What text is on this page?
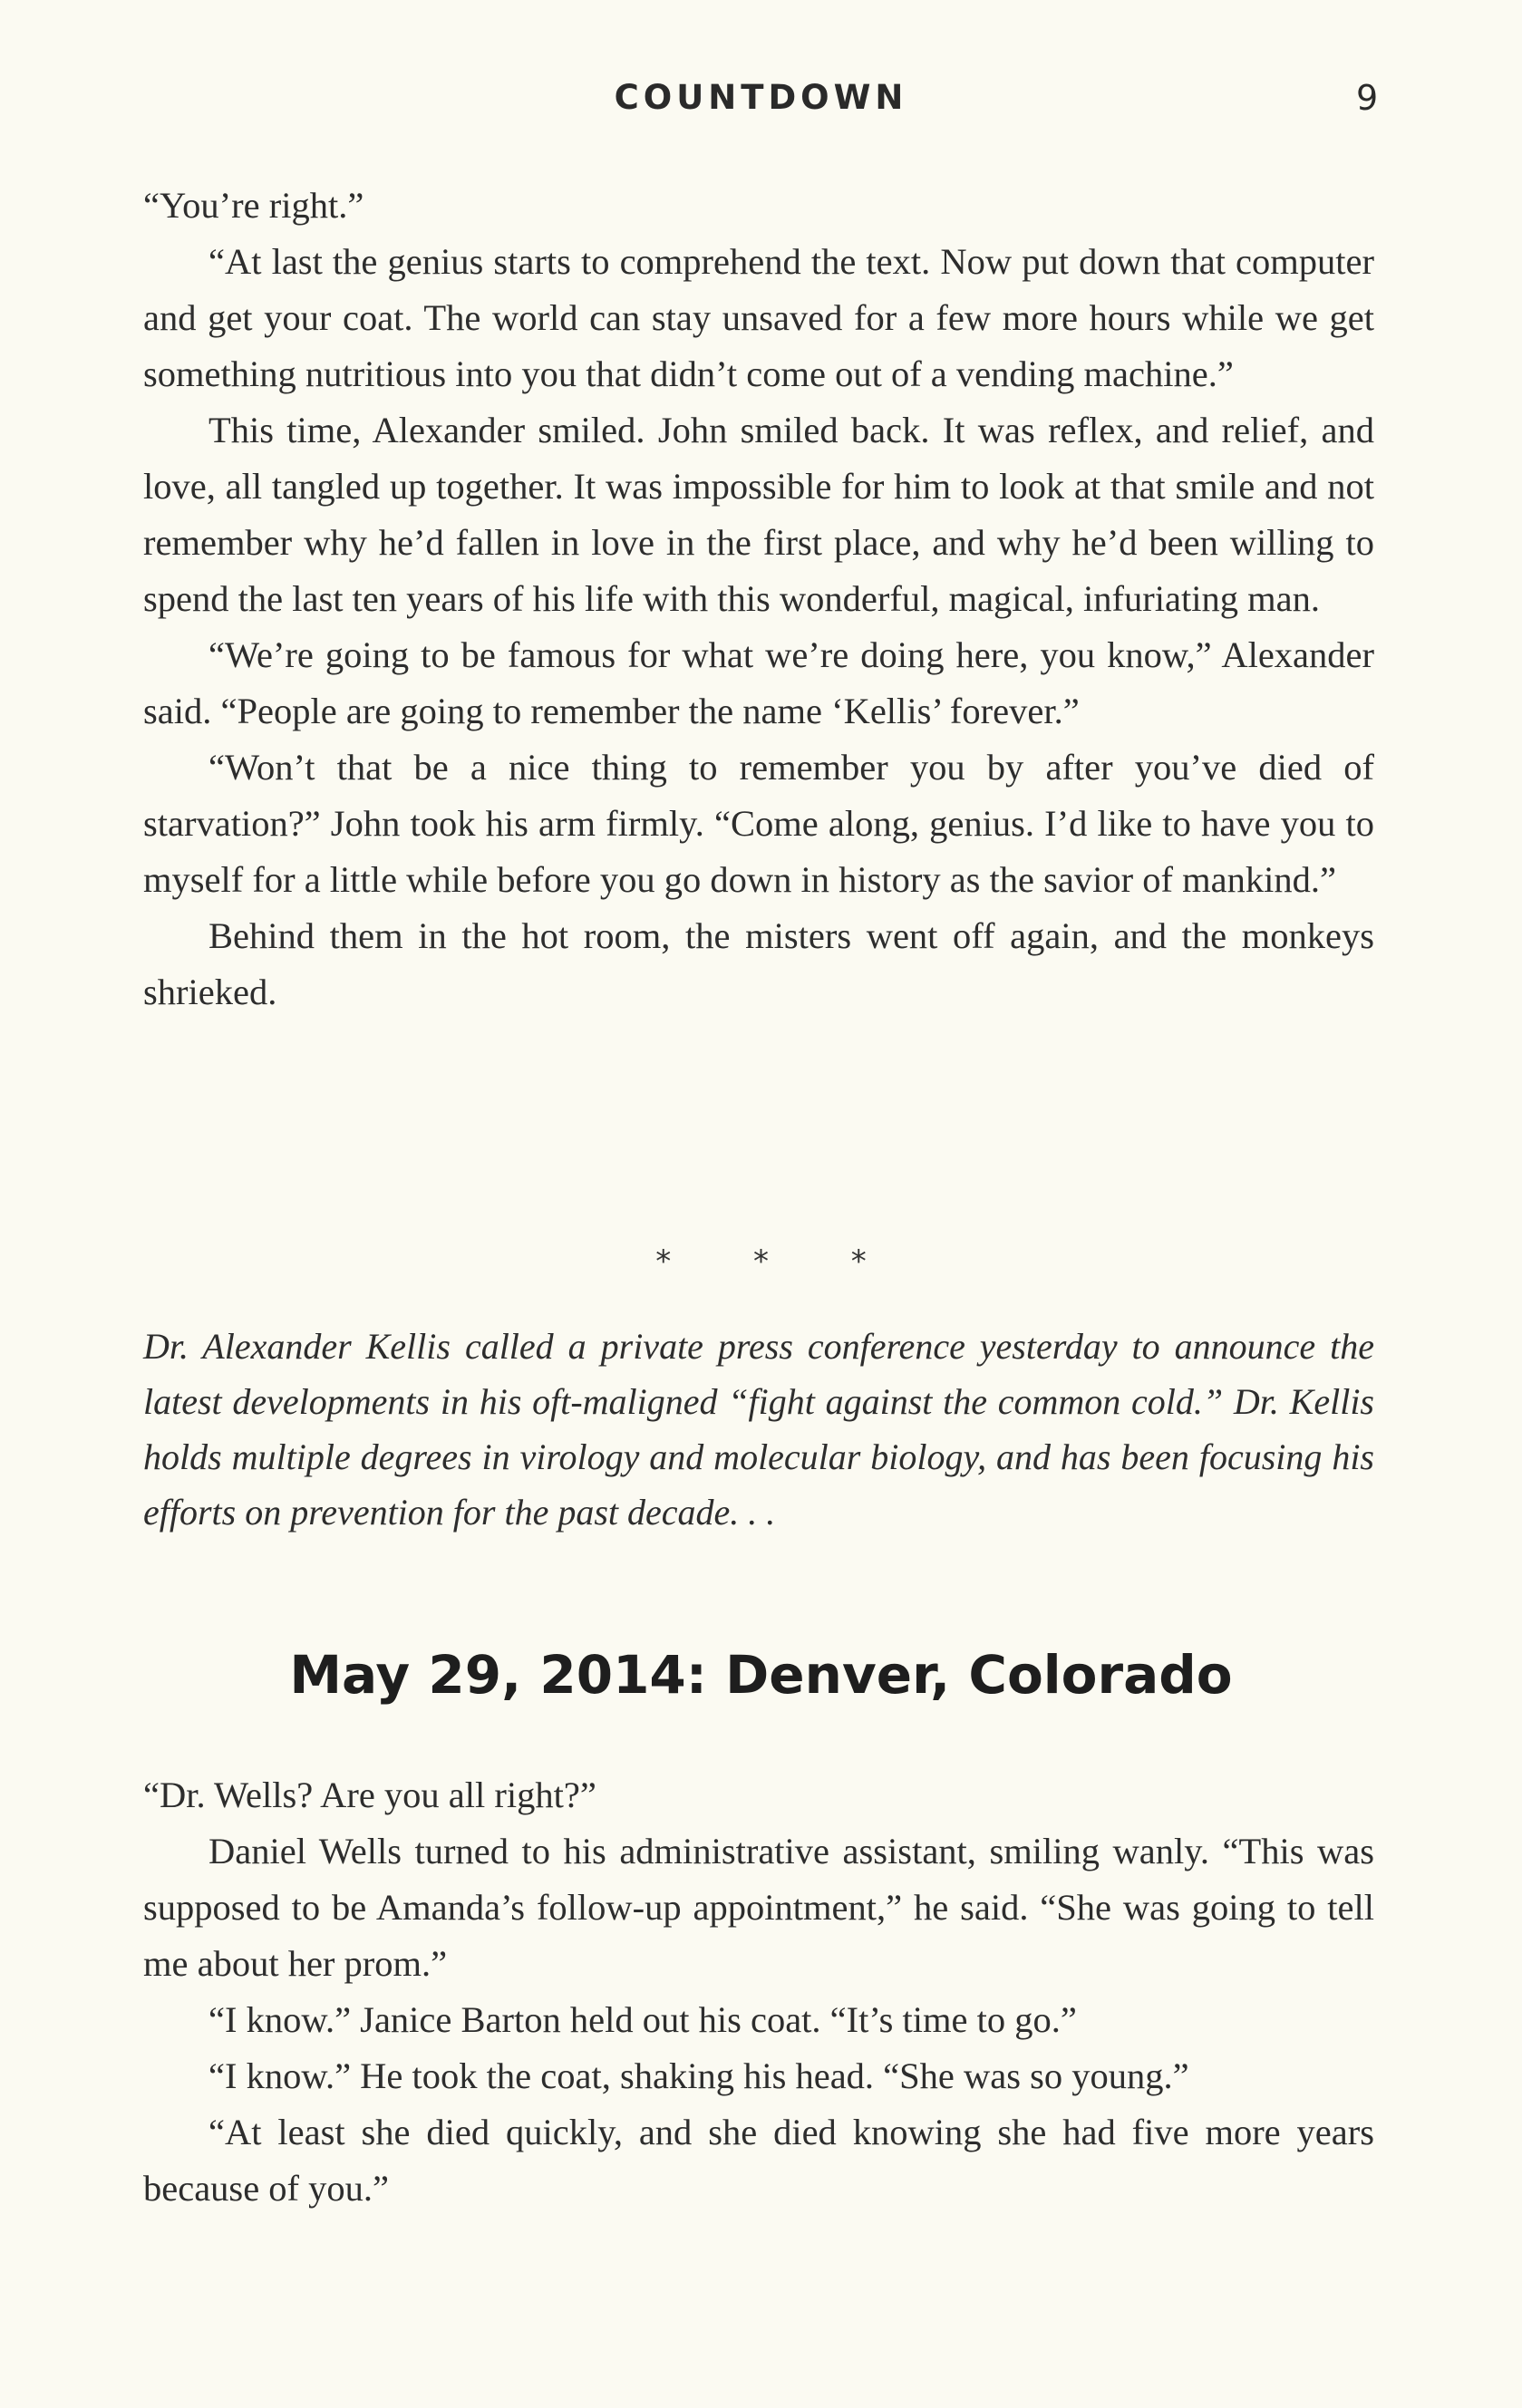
COUNTDOWN	9

“You’re right.”

“At last the genius starts to comprehend the text. Now put down that computer and get your coat. The world can stay unsaved for a few more hours while we get something nutritious into you that didn’t come out of a vending machine.”

This time, Alexander smiled. John smiled back. It was reflex, and relief, and love, all tangled up together. It was impossible for him to look at that smile and not remember why he’d fallen in love in the first place, and why he’d been willing to spend the last ten years of his life with this wonderful, magical, infuriating man.

“We’re going to be famous for what we’re doing here, you know,” Alexander said. “People are going to remember the name ‘Kellis’ forever.”

“Won’t that be a nice thing to remember you by after you’ve died of starvation?” John took his arm firmly. “Come along, genius. I’d like to have you to myself for a little while before you go down in history as the savior of mankind.”

Behind them in the hot room, the misters went off again, and the monkeys shrieked.

* * *

Dr. Alexander Kellis called a private press conference yesterday to announce the latest developments in his oft-maligned “fight against the common cold.” Dr. Kellis holds multiple degrees in virology and molecular biology, and has been focusing his efforts on prevention for the past decade. . .

May 29, 2014: Denver, Colorado

“Dr. Wells? Are you all right?”

Daniel Wells turned to his administrative assistant, smiling wanly. “This was supposed to be Amanda’s follow-up appointment,” he said. “She was going to tell me about her prom.”

“I know.” Janice Barton held out his coat. “It’s time to go.”

“I know.” He took the coat, shaking his head. “She was so young.”

“At least she died quickly, and she died knowing she had five more years because of you.”
